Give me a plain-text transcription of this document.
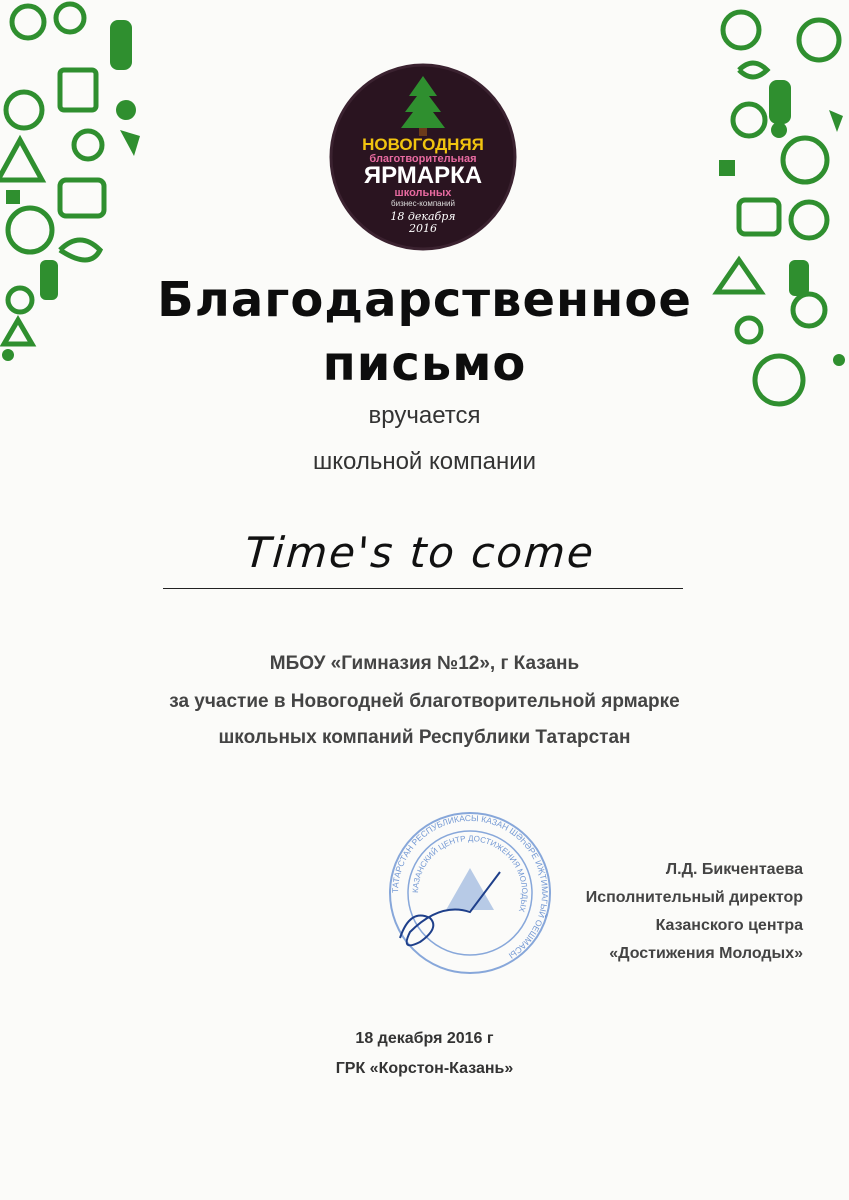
НОВОГОДНЯЯ
благотворительная
ЯРМАРКА
школьных
бизнес-компаний
18 декабря
2016
Благодарственное
письмо
вручается
школьной компании
Time's to come
МБОУ «Гимназия №12», г Казань
за участие в Новогодней благотворительной ярмарке
школьных компаний Республики Татарстан
ТАТАРСТАН РЕСПУБЛИКАСЫ КАЗАН ШӘҺӘРЕ ИҖТИМАГЫЙ ОЕШМАСЫ
КАЗАНСКИЙ ЦЕНТР ДОСТИЖЕНИЯ МОЛОДЫХ
Л.Д. Бикчентаева
Исполнительный директор
Казанского центра
«Достижения Молодых»
18 декабря 2016 г
ГРК «Корстон-Казань»
